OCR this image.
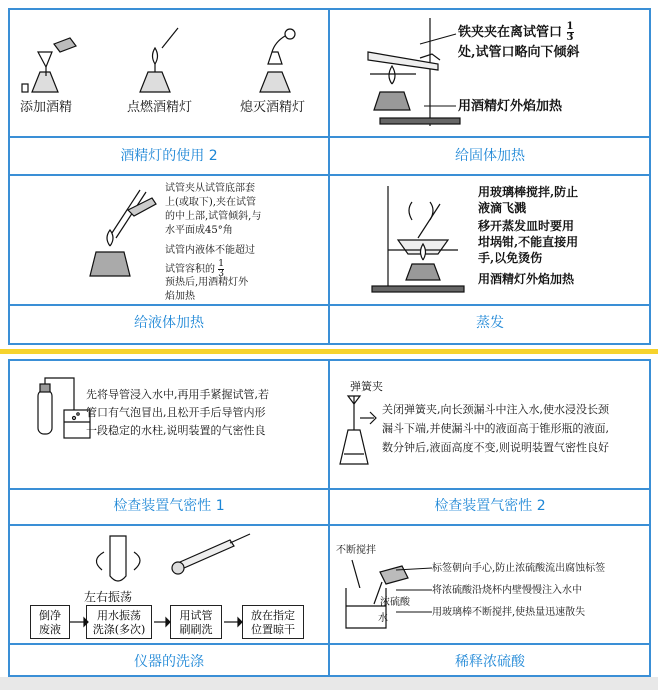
添加酒精	点燃酒精灯	熄灭酒精灯
酒精灯的使用 2
铁夹夹在离试管口 $\frac{1}{3}$
处,试管口略向下倾斜
用酒精灯外焰加热
给固体加热
试管夹从试管底部套
上(或取下),夹在试管
的中上部,试管倾斜,与
水平面成45°角
试管内液体不能超过
试管容积的 $\frac{1}{3}$
预热后,用酒精灯外
焰加热
给液体加热
用玻璃棒搅拌,防止
液滴飞溅
移开蒸发皿时要用
坩埚钳,不能直接用
手,以免烫伤
用酒精灯外焰加热
蒸发
先将导管浸入水中,再用手紧握试管,若
管口有气泡冒出,且松开手后导管内形
一段稳定的水柱,说明装置的气密性良
检查装置气密性 1
弹簧夹
关闭弹簧夹,向长颈漏斗中注入水,使水浸没长颈
漏斗下端,并使漏斗中的液面高于锥形瓶的液面,
数分钟后,液面高度不变,则说明装置气密性良好
检查装置气密性 2
左右振荡
倒净
废液
用水振荡
洗涤(多次)
用试管
刷刷洗
放在指定
位置晾干
仪器的洗涤
不断搅拌
标签朝向手心,防止浓硫酸流出腐蚀标签
将浓硫酸沿烧杯内壁慢慢注入水中
浓硫酸
用玻璃棒不断搅拌,使热量迅速散失
水
稀释浓硫酸
